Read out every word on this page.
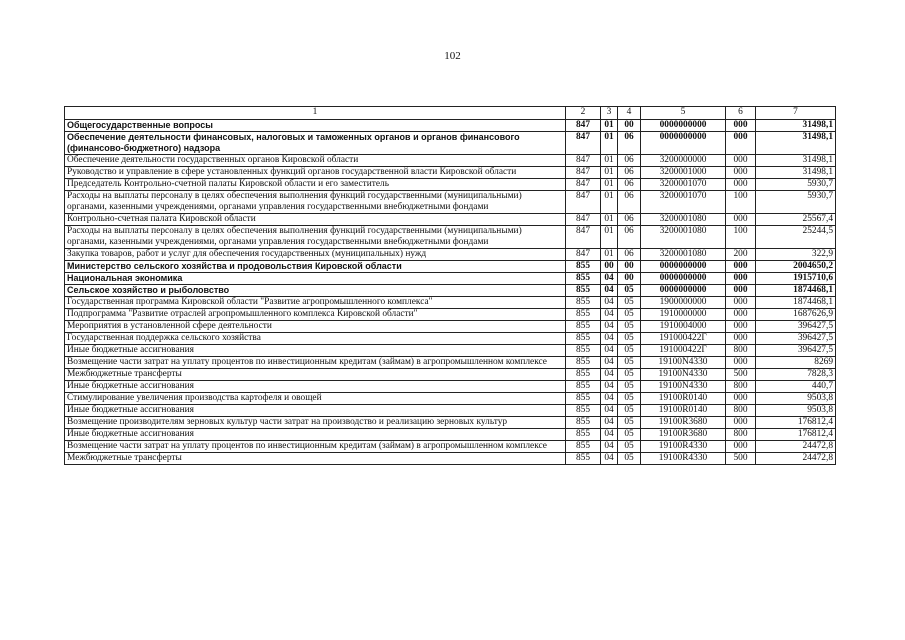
102
1	2	3	4	5	6	7
Общегосударственные вопросы	847	01	00	0000000000	000	31498,1
Обеспечение деятельности финансовых, налоговых и таможенных органов и органов финансового (финансово-бюджетного) надзора	847	01	06	0000000000	000	31498,1
Обеспечение деятельности государственных органов Кировской области	847	01	06	3200000000	000	31498,1
Руководство и управление в сфере установленных функций органов государственной власти Кировской области	847	01	06	3200001000	000	31498,1
Председатель Контрольно-счетной палаты Кировской области и его заместитель	847	01	06	3200001070	000	5930,7
Расходы на выплаты персоналу в целях обеспечения выполнения функций государственными (муниципальными) органами, казенными учреждениями, органами управления государственными внебюджетными фондами	847	01	06	3200001070	100	5930,7
Контрольно-счетная палата Кировской области	847	01	06	3200001080	000	25567,4
Расходы на выплаты персоналу в целях обеспечения выполнения функций государственными (муниципальными) органами, казенными учреждениями, органами управления государственными внебюджетными фондами	847	01	06	3200001080	100	25244,5
Закупка товаров, работ и услуг для обеспечения государственных (муниципальных) нужд	847	01	06	3200001080	200	322,9
Министерство сельского хозяйства и продовольствия Кировской области	855	00	00	0000000000	000	2004650,2
Национальная экономика	855	04	00	0000000000	000	1915710,6
Сельское хозяйство и рыболовство	855	04	05	0000000000	000	1874468,1
Государственная программа Кировской области "Развитие агропромышленного комплекса"	855	04	05	1900000000	000	1874468,1
Подпрограмма "Развитие отраслей агропромышленного комплекса Кировской области"	855	04	05	1910000000	000	1687626,9
Мероприятия в установленной сфере деятельности	855	04	05	1910004000	000	396427,5
Государственная поддержка сельского хозяйства	855	04	05	191000422Г	000	396427,5
Иные бюджетные ассигнования	855	04	05	191000422Г	800	396427,5
Возмещение части затрат на уплату процентов по инвестиционным кредитам (займам) в агропромышленном комплексе	855	04	05	19100N4330	000	8269
Межбюджетные трансферты	855	04	05	19100N4330	500	7828,3
Иные бюджетные ассигнования	855	04	05	19100N4330	800	440,7
Стимулирование увеличения производства картофеля и овощей	855	04	05	19100R0140	000	9503,8
Иные бюджетные ассигнования	855	04	05	19100R0140	800	9503,8
Возмещение производителям зерновых культур части затрат на производство и реализацию зерновых культур	855	04	05	19100R3680	000	176812,4
Иные бюджетные ассигнования	855	04	05	19100R3680	800	176812,4
Возмещение части затрат на уплату процентов по инвестиционным кредитам (займам) в агропромышленном комплексе	855	04	05	19100R4330	000	24472,8
Межбюджетные трансферты	855	04	05	19100R4330	500	24472,8
